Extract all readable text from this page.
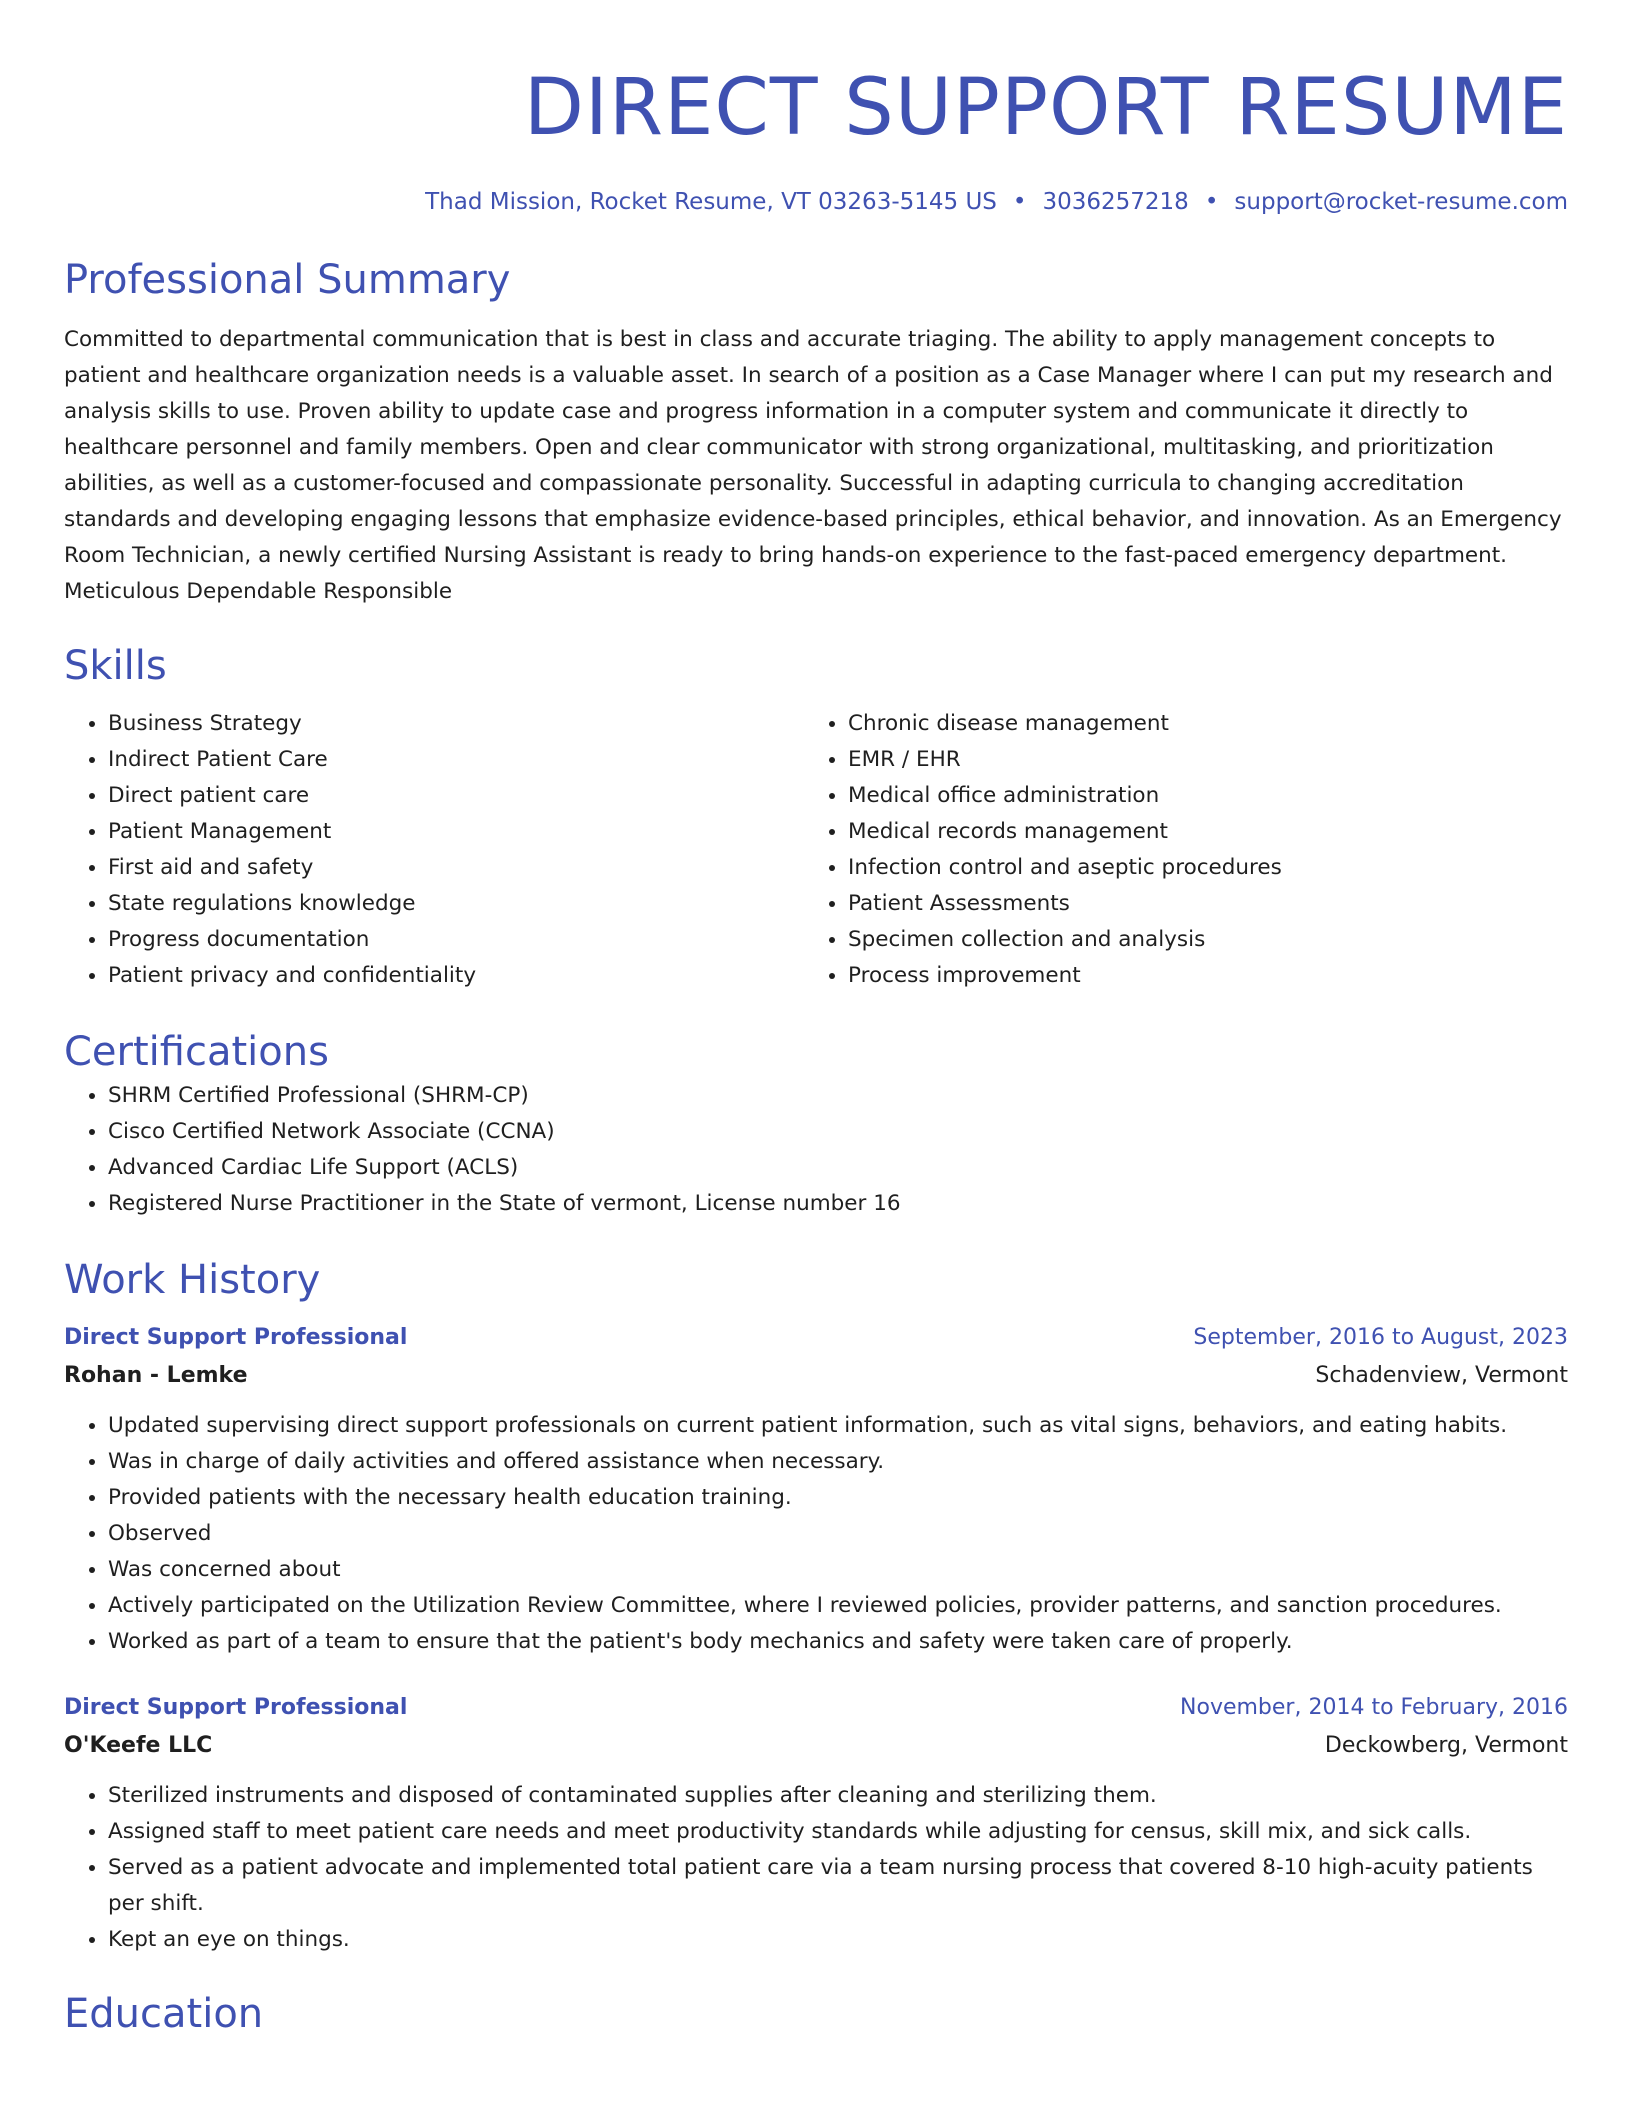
DIRECT SUPPORT RESUME
Thad Mission, Rocket Resume, VT 03263-5145 US • 3036257218 • support@rocket-resume.com
Professional Summary

Committed to departmental communication that is best in class and accurate triaging. The ability to apply management concepts to patient and healthcare organization needs is a valuable asset. In search of a position as a Case Manager where I can put my research and analysis skills to use. Proven ability to update case and progress information in a computer system and communicate it directly to healthcare personnel and family members. Open and clear communicator with strong organizational, multitasking, and prioritization abilities, as well as a customer-focused and compassionate personality. Successful in adapting curricula to changing accreditation standards and developing engaging lessons that emphasize evidence-based principles, ethical behavior, and innovation. As an Emergency Room Technician, a newly certified Nursing Assistant is ready to bring hands-on experience to the fast-paced emergency department. Meticulous Dependable Responsible

Skills
• Business Strategy
• Indirect Patient Care
• Direct patient care
• Patient Management
• First aid and safety
• State regulations knowledge
• Progress documentation
• Patient privacy and confidentiality
• Chronic disease management
• EMR / EHR
• Medical office administration
• Medical records management
• Infection control and aseptic procedures
• Patient Assessments
• Specimen collection and analysis
• Process improvement
Certifications
• SHRM Certified Professional (SHRM-CP)
• Cisco Certified Network Associate (CCNA)
• Advanced Cardiac Life Support (ACLS)
• Registered Nurse Practitioner in the State of vermont, License number 16
Work History
Direct Support Professional	September, 2016 to August, 2023
Rohan - Lemke	Schadenview, Vermont
• Updated supervising direct support professionals on current patient information, such as vital signs, behaviors, and eating habits.
• Was in charge of daily activities and offered assistance when necessary.
• Provided patients with the necessary health education training.
• Observed
• Was concerned about
• Actively participated on the Utilization Review Committee, where I reviewed policies, provider patterns, and sanction procedures.
• Worked as part of a team to ensure that the patient's body mechanics and safety were taken care of properly.
Direct Support Professional	November, 2014 to February, 2016
O'Keefe LLC	Deckowberg, Vermont
• Sterilized instruments and disposed of contaminated supplies after cleaning and sterilizing them.
• Assigned staff to meet patient care needs and meet productivity standards while adjusting for census, skill mix, and sick calls.
• Served as a patient advocate and implemented total patient care via a team nursing process that covered 8-10 high-acuity patients per shift.
• Kept an eye on things.
Education
